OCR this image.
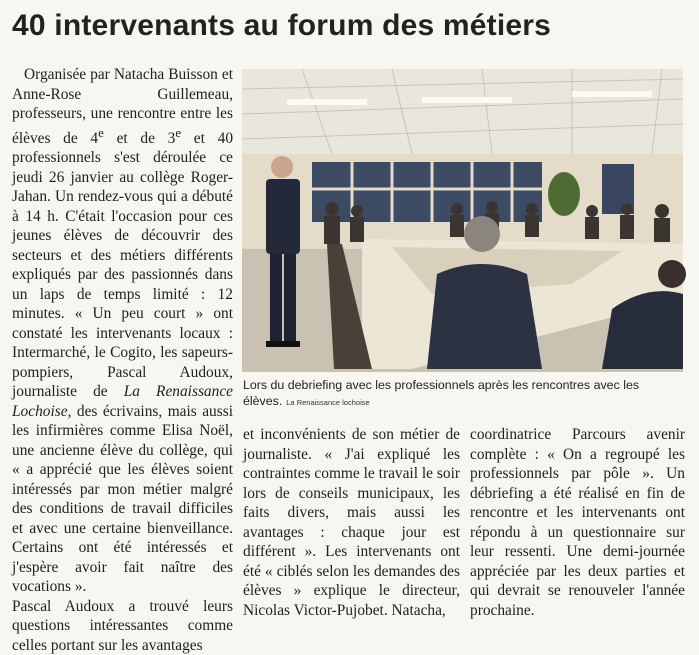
40 intervenants au forum des métiers

Organisée par Natacha Buisson et Anne-Rose Guillemeau, professeurs, une rencontre entre les élèves de 4e et de 3e et 40 professionnels s'est déroulée ce jeudi 26 janvier au collège Roger-Jahan. Un rendez-vous qui a débuté à 14 h. C'était l'occasion pour ces jeunes élèves de découvrir des secteurs et des métiers différents expliqués par des passionnés dans un laps de temps limité : 12 minutes. « Un peu court » ont constaté les intervenants locaux : Intermarché, le Cogito, les sapeurs-pompiers, Pascal Audoux, journaliste de La Renaissance Lochoise, des écrivains, mais aussi les infirmières comme Elisa Noël, une ancienne élève du collège, qui « a apprécié que les élèves soient intéressés par mon métier malgré des conditions de travail difficiles et avec une certaine bienveillance. Certains ont été intéressés et j'espère avoir fait naître des vocations ».

Pascal Audoux a trouvé leurs questions intéressantes comme celles portant sur les avantages

Lors du debriefing avec les professionnels après les rencontres avec les élèves. La Renaissance lochoise

et inconvénients de son métier de journaliste. « J'ai expliqué les contraintes comme le travail le soir lors de conseils municipaux, les faits divers, mais aussi les avantages : chaque jour est différent ». Les intervenants ont été « ciblés selon les demandes des élèves » explique le directeur, Nicolas Victor-Pujobet. Natacha,

coordinatrice Parcours avenir complète : « On a regroupé les professionnels par pôle ». Un débriefing a été réalisé en fin de rencontre et les intervenants ont répondu à un questionnaire sur leur ressenti. Une demi-journée appréciée par les deux parties et qui devrait se renouveler l'année prochaine.
